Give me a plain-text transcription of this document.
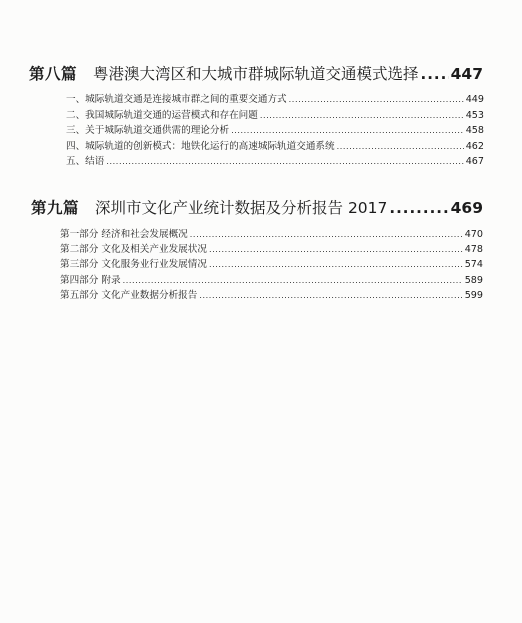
第八篇 粤港澳大湾区和大城市群城际轨道交通模式选择 ..... 447
一、城际轨道交通是连接城市群之间的重要交通方式 .....	449
二、我国城际轨道交通的运营模式和存在问题 .....	453
三、关于城际轨道交通供需的理论分析 .....	458
四、城际轨道的创新模式：地铁化运行的高速城际轨道交通系统 .....	462
五、结语 .....	467
第九篇 深圳市文化产业统计数据及分析报告 2017 .....	469
第一部分 经济和社会发展概况 .....	470
第二部分 文化及相关产业发展状况 .....	478
第三部分 文化服务业行业发展情况 .....	574
第四部分 附录 .....	589
第五部分 文化产业数据分析报告 .....	599
